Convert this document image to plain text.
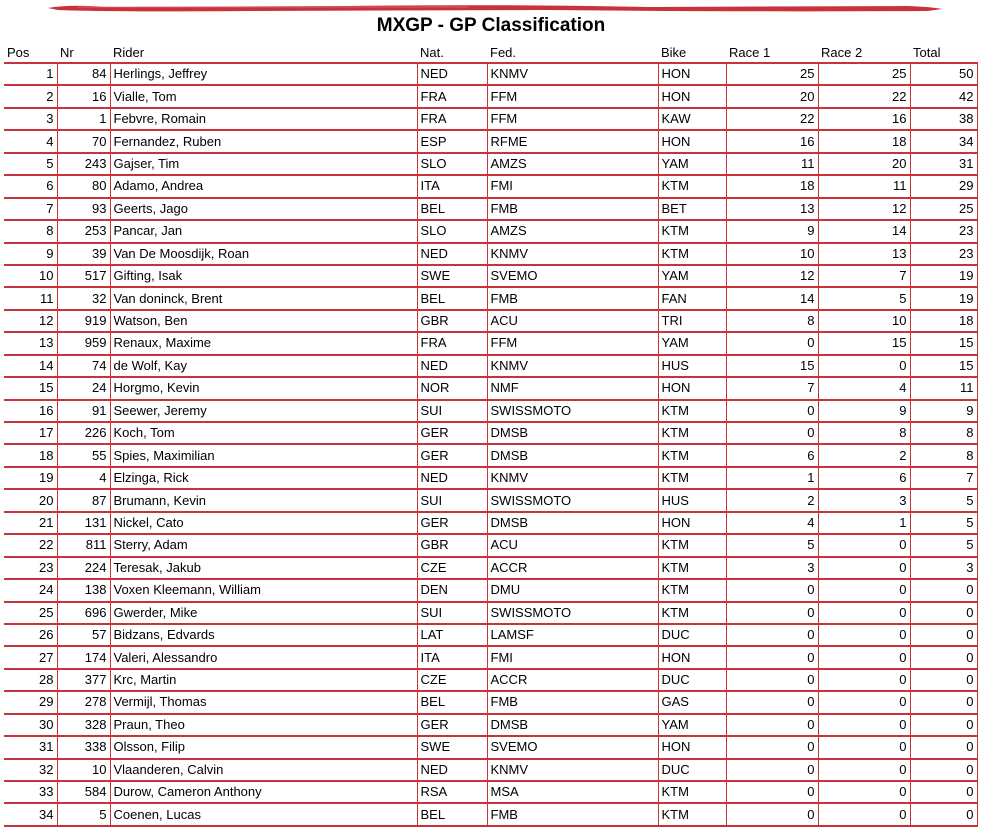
MXGP - GP Classification
Pos	Nr	Rider	Nat.	Fed.	Bike	Race 1	Race 2	Total
1	84	Herlings, Jeffrey	NED	KNMV	HON	25	25	50
2	16	Vialle, Tom	FRA	FFM	HON	20	22	42
3	1	Febvre, Romain	FRA	FFM	KAW	22	16	38
4	70	Fernandez, Ruben	ESP	RFME	HON	16	18	34
5	243	Gajser, Tim	SLO	AMZS	YAM	11	20	31
6	80	Adamo, Andrea	ITA	FMI	KTM	18	11	29
7	93	Geerts, Jago	BEL	FMB	BET	13	12	25
8	253	Pancar, Jan	SLO	AMZS	KTM	9	14	23
9	39	Van De Moosdijk, Roan	NED	KNMV	KTM	10	13	23
10	517	Gifting, Isak	SWE	SVEMO	YAM	12	7	19
11	32	Van doninck, Brent	BEL	FMB	FAN	14	5	19
12	919	Watson, Ben	GBR	ACU	TRI	8	10	18
13	959	Renaux, Maxime	FRA	FFM	YAM	0	15	15
14	74	de Wolf, Kay	NED	KNMV	HUS	15	0	15
15	24	Horgmo, Kevin	NOR	NMF	HON	7	4	11
16	91	Seewer, Jeremy	SUI	SWISSMOTO	KTM	0	9	9
17	226	Koch, Tom	GER	DMSB	KTM	0	8	8
18	55	Spies, Maximilian	GER	DMSB	KTM	6	2	8
19	4	Elzinga, Rick	NED	KNMV	KTM	1	6	7
20	87	Brumann, Kevin	SUI	SWISSMOTO	HUS	2	3	5
21	131	Nickel, Cato	GER	DMSB	HON	4	1	5
22	811	Sterry, Adam	GBR	ACU	KTM	5	0	5
23	224	Teresak, Jakub	CZE	ACCR	KTM	3	0	3
24	138	Voxen Kleemann, William	DEN	DMU	KTM	0	0	0
25	696	Gwerder, Mike	SUI	SWISSMOTO	KTM	0	0	0
26	57	Bidzans, Edvards	LAT	LAMSF	DUC	0	0	0
27	174	Valeri, Alessandro	ITA	FMI	HON	0	0	0
28	377	Krc, Martin	CZE	ACCR	DUC	0	0	0
29	278	Vermijl, Thomas	BEL	FMB	GAS	0	0	0
30	328	Praun, Theo	GER	DMSB	YAM	0	0	0
31	338	Olsson, Filip	SWE	SVEMO	HON	0	0	0
32	10	Vlaanderen, Calvin	NED	KNMV	DUC	0	0	0
33	584	Durow, Cameron Anthony	RSA	MSA	KTM	0	0	0
34	5	Coenen, Lucas	BEL	FMB	KTM	0	0	0
